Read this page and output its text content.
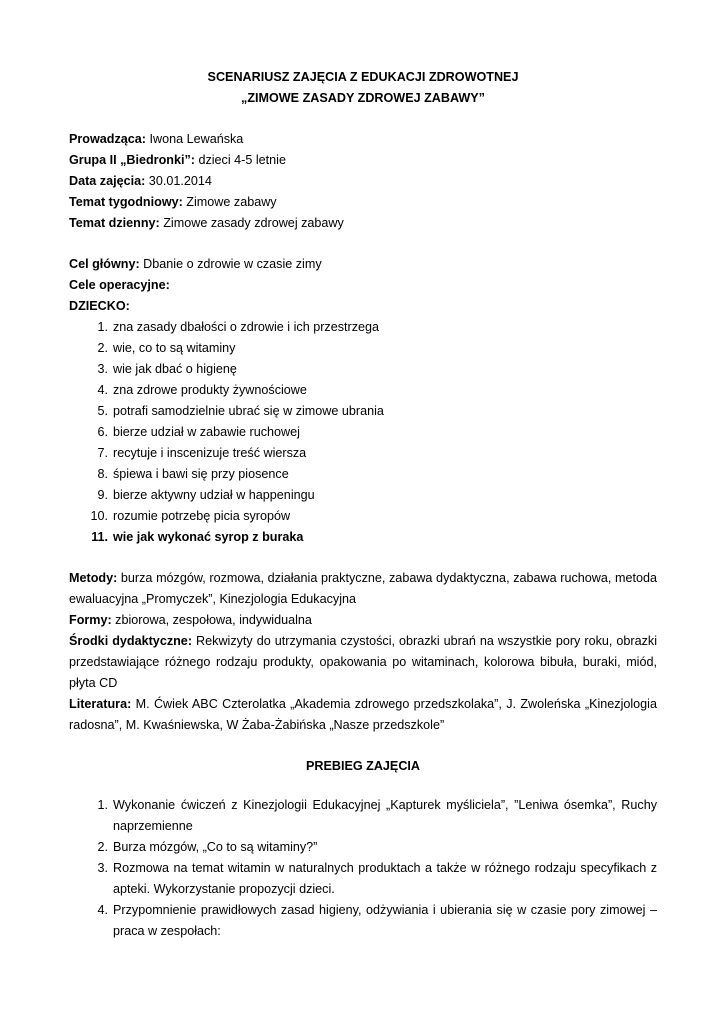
SCENARIUSZ ZAJĘCIA Z EDUKACJI ZDROWOTNEJ
„ZIMOWE ZASADY ZDROWEJ ZABAWY”
Prowadząca: Iwona Lewańska
Grupa II „Biedronki”: dzieci 4-5 letnie
Data zajęcia: 30.01.2014
Temat tygodniowy: Zimowe zabawy
Temat dzienny: Zimowe zasady zdrowej zabawy
Cel główny: Dbanie o zdrowie w czasie zimy
Cele operacyjne:
DZIECKO:
1. zna zasady dbałości o zdrowie i ich przestrzega
2. wie, co to są witaminy
3. wie jak dbać o higienę
4. zna zdrowe produkty żywnościowe
5. potrafi samodzielnie ubrać się w zimowe ubrania
6. bierze udział w zabawie ruchowej
7. recytuje i inscenizuje treść wiersza
8. śpiewa i bawi się przy piosence
9. bierze aktywny udział w happeningu
10. rozumie potrzebę picia syropów
11. wie jak wykonać syrop z buraka
Metody: burza mózgów, rozmowa, działania praktyczne, zabawa dydaktyczna, zabawa ruchowa, metoda ewaluacyjna „Promyczek”, Kinezjologia Edukacyjna
Formy: zbiorowa, zespołowa, indywidualna
Środki dydaktyczne: Rekwizyty do utrzymania czystości, obrazki ubrań na wszystkie pory roku, obrazki przedstawiające różnego rodzaju produkty, opakowania po witaminach, kolorowa bibuła, buraki, miód, płyta CD
Literatura: M. Ćwiek ABC Czterolatka „Akademia zdrowego przedszkolaka”, J. Zwoleńska „Kinezjologia radosna”, M. Kwaśniewska, W Żaba-Żabińska „Nasze przedszkole”
PREBIEG ZAJĘCIA
1. Wykonanie ćwiczeń z Kinezjologii Edukacyjnej „Kapturek myśliciela”, ”Leniwa ósemka”, Ruchy naprzemienne
2. Burza mózgów, „Co to są witaminy?”
3. Rozmowa na temat witamin w naturalnych produktach a także w różnego rodzaju specyfikach z apteki. Wykorzystanie propozycji dzieci.
4. Przypomnienie prawidłowych zasad higieny, odżywiania i ubierania się w czasie pory zimowej – praca w zespołach:
